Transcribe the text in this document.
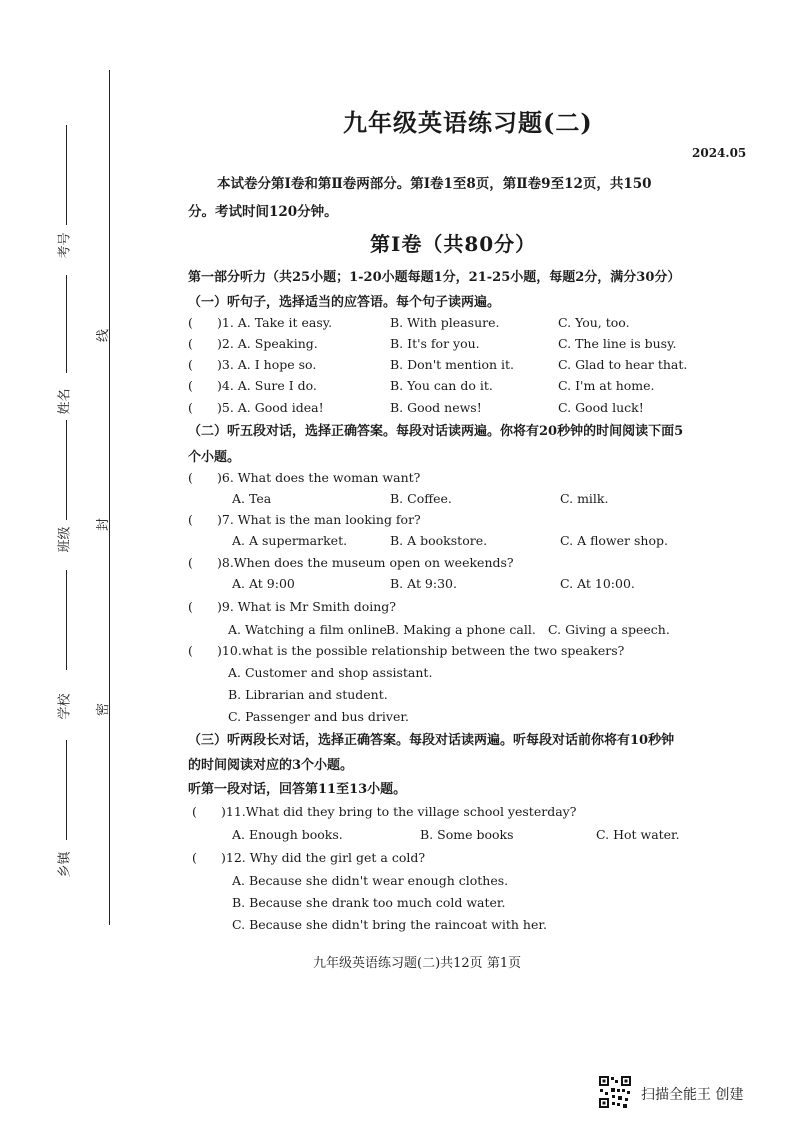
考号
姓名
班级
学校
乡镇
线
封
密
九年级英语练习题(二)
2024.05
本试卷分第Ⅰ卷和第Ⅱ卷两部分。第Ⅰ卷1至8页，第Ⅱ卷9至12页，共150
分。考试时间120分钟。
第Ⅰ卷（共80分）
第一部分听力（共25小题；1-20小题每题1分，21-25小题，每题2分，满分30分）
（一）听句子，选择适当的应答语。每个句子读两遍。
( )1. A. Take it easy.	B. With pleasure.	C. You, too.
( )2. A. Speaking.	B. It's for you.	C. The line is busy.
( )3. A. I hope so.	B. Don't mention it.	C. Glad to hear that.
( )4. A. Sure I do.	B. You can do it.	C. I'm at home.
( )5. A. Good idea!	B. Good news!	C. Good luck!
（二）听五段对话，选择正确答案。每段对话读两遍。你将有20秒钟的时间阅读下面5
个小题。
( )6. What does the woman want?
A. Tea	B. Coffee.	C. milk.
( )7. What is the man looking for?
A. A supermarket.	B. A bookstore.	C. A flower shop.
( )8.When does the museum open on weekends?
A. At 9:00	B. At 9:30.	C. At 10:00.
( )9. What is Mr Smith doing?
A. Watching a film online.
B. Making a phone call. C. Giving a speech.
( )10.what is the possible relationship between the two speakers?
A. Customer and shop assistant.
B. Librarian and student.
C. Passenger and bus driver.
（三）听两段长对话，选择正确答案。每段对话读两遍。听每段对话前你将有10秒钟
的时间阅读对应的3个小题。
听第一段对话，回答第11至13小题。
( )11.What did they bring to the village school yesterday?
A. Enough books.	B. Some books	C. Hot water.
( )12. Why did the girl get a cold?
A. Because she didn't wear enough clothes.
B. Because she drank too much cold water.
C. Because she didn't bring the raincoat with her.
九年级英语练习题(二)共12页 第1页
扫描全能王 创建
